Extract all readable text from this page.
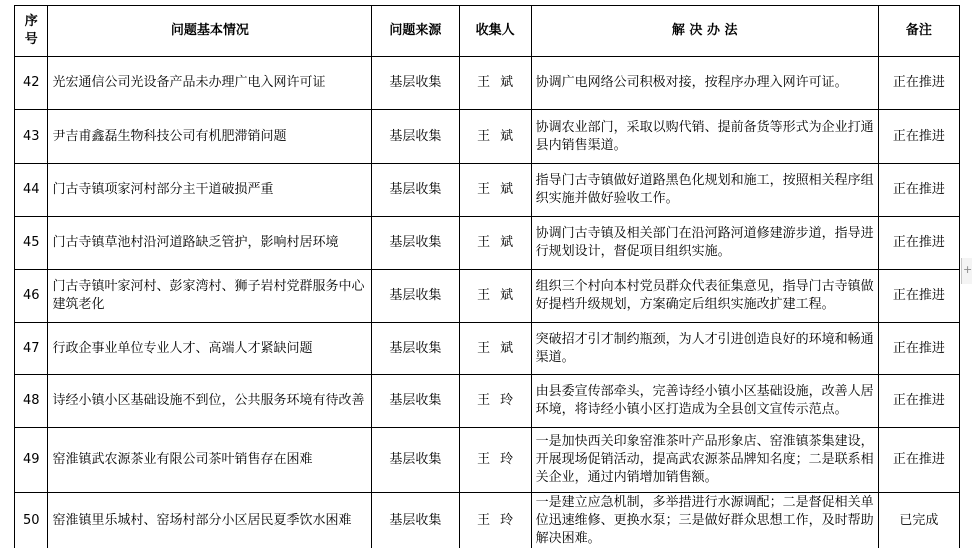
序
号	问题基本情况	问题来源	收集人	解 决 办 法	备注
42	光宏通信公司光设备产品未办理广电入网许可证	基层收集	王斌	协调广电网络公司积极对接，按程序办理入网许可证。	正在推进
43	尹吉甫鑫磊生物科技公司有机肥滞销问题	基层收集	王斌	协调农业部门，采取以购代销、提前备货等形式为企业打通县内销售渠道。	正在推进
44	门古寺镇项家河村部分主干道破损严重	基层收集	王斌	指导门古寺镇做好道路黑色化规划和施工，按照相关程序组织实施并做好验收工作。	正在推进
45	门古寺镇草池村沿河道路缺乏管护，影响村居环境	基层收集	王斌	协调门古寺镇及相关部门在沿河路河道修建游步道，指导进行规划设计，督促项目组织实施。	正在推进
46	门古寺镇叶家河村、彭家湾村、狮子岩村党群服务中心建筑老化	基层收集	王斌	组织三个村向本村党员群众代表征集意见，指导门古寺镇做好提档升级规划，方案确定后组织实施改扩建工程。	正在推进
47	行政企事业单位专业人才、高端人才紧缺问题	基层收集	王斌	突破招才引才制约瓶颈，为人才引进创造良好的环境和畅通渠道。	正在推进
48	诗经小镇小区基础设施不到位，公共服务环境有待改善	基层收集	王玲	由县委宣传部牵头，完善诗经小镇小区基础设施，改善人居环境，将诗经小镇小区打造成为全县创文宣传示范点。	正在推进
49	窑淮镇武农源茶业有限公司茶叶销售存在困难	基层收集	王玲	一是加快西关印象窑淮茶叶产品形象店、窑淮镇茶集建设，开展现场促销活动，提高武农源茶品牌知名度；二是联系相关企业，通过内销增加销售额。	正在推进
50	窑淮镇里乐城村、窑场村部分小区居民夏季饮水困难	基层收集	王玲	一是建立应急机制，多举措进行水源调配；二是督促相关单位迅速维修、更换水泵；三是做好群众思想工作，及时帮助解决困难。	已完成
+
